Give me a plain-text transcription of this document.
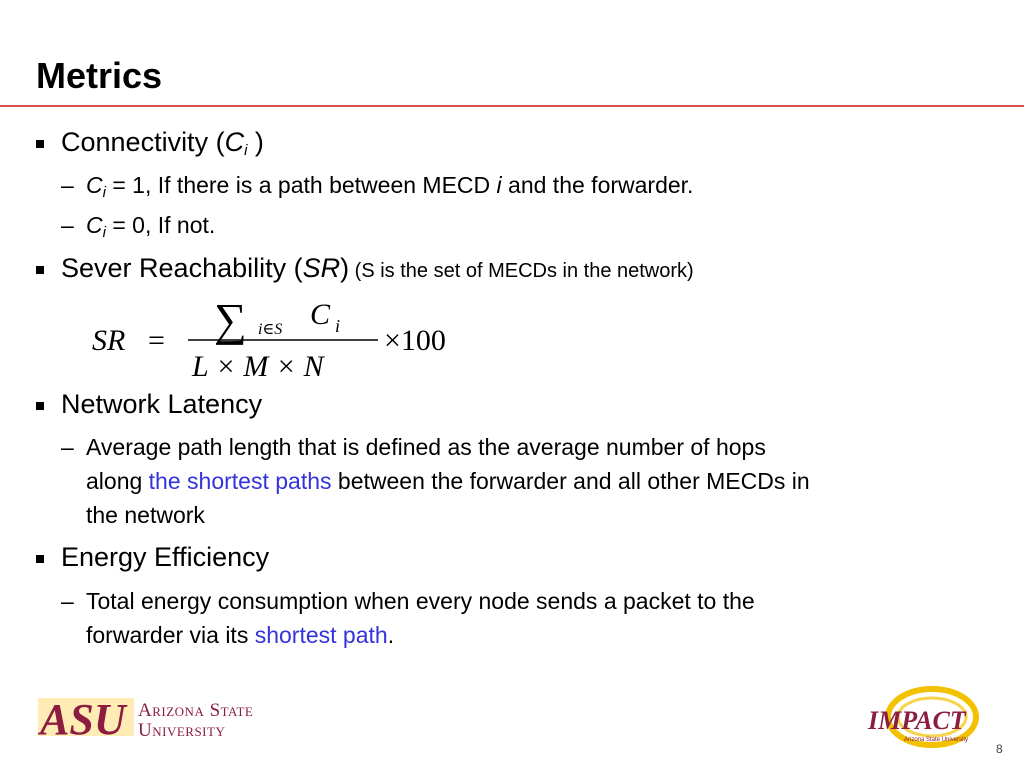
Metrics
Connectivity ($C_i$ )
– $C_i = 1$, If there is a path between MECD i and the forwarder.
– $C_i = 0$, If not.
Sever Reachability (SR) (S is the set of MECDs in the network)
SR = ∑ i∈S C i
L × M × N
×100
Network Latency
– Average path length that is defined as the average number of hops
along the shortest paths between the forwarder and all other MECDs in
the network
Energy Efficiency
– Total energy consumption when every node sends a packet to the
forwarder via its shortest path.
ASU Arizona State
University	IMPACT
Arizona State University
8
